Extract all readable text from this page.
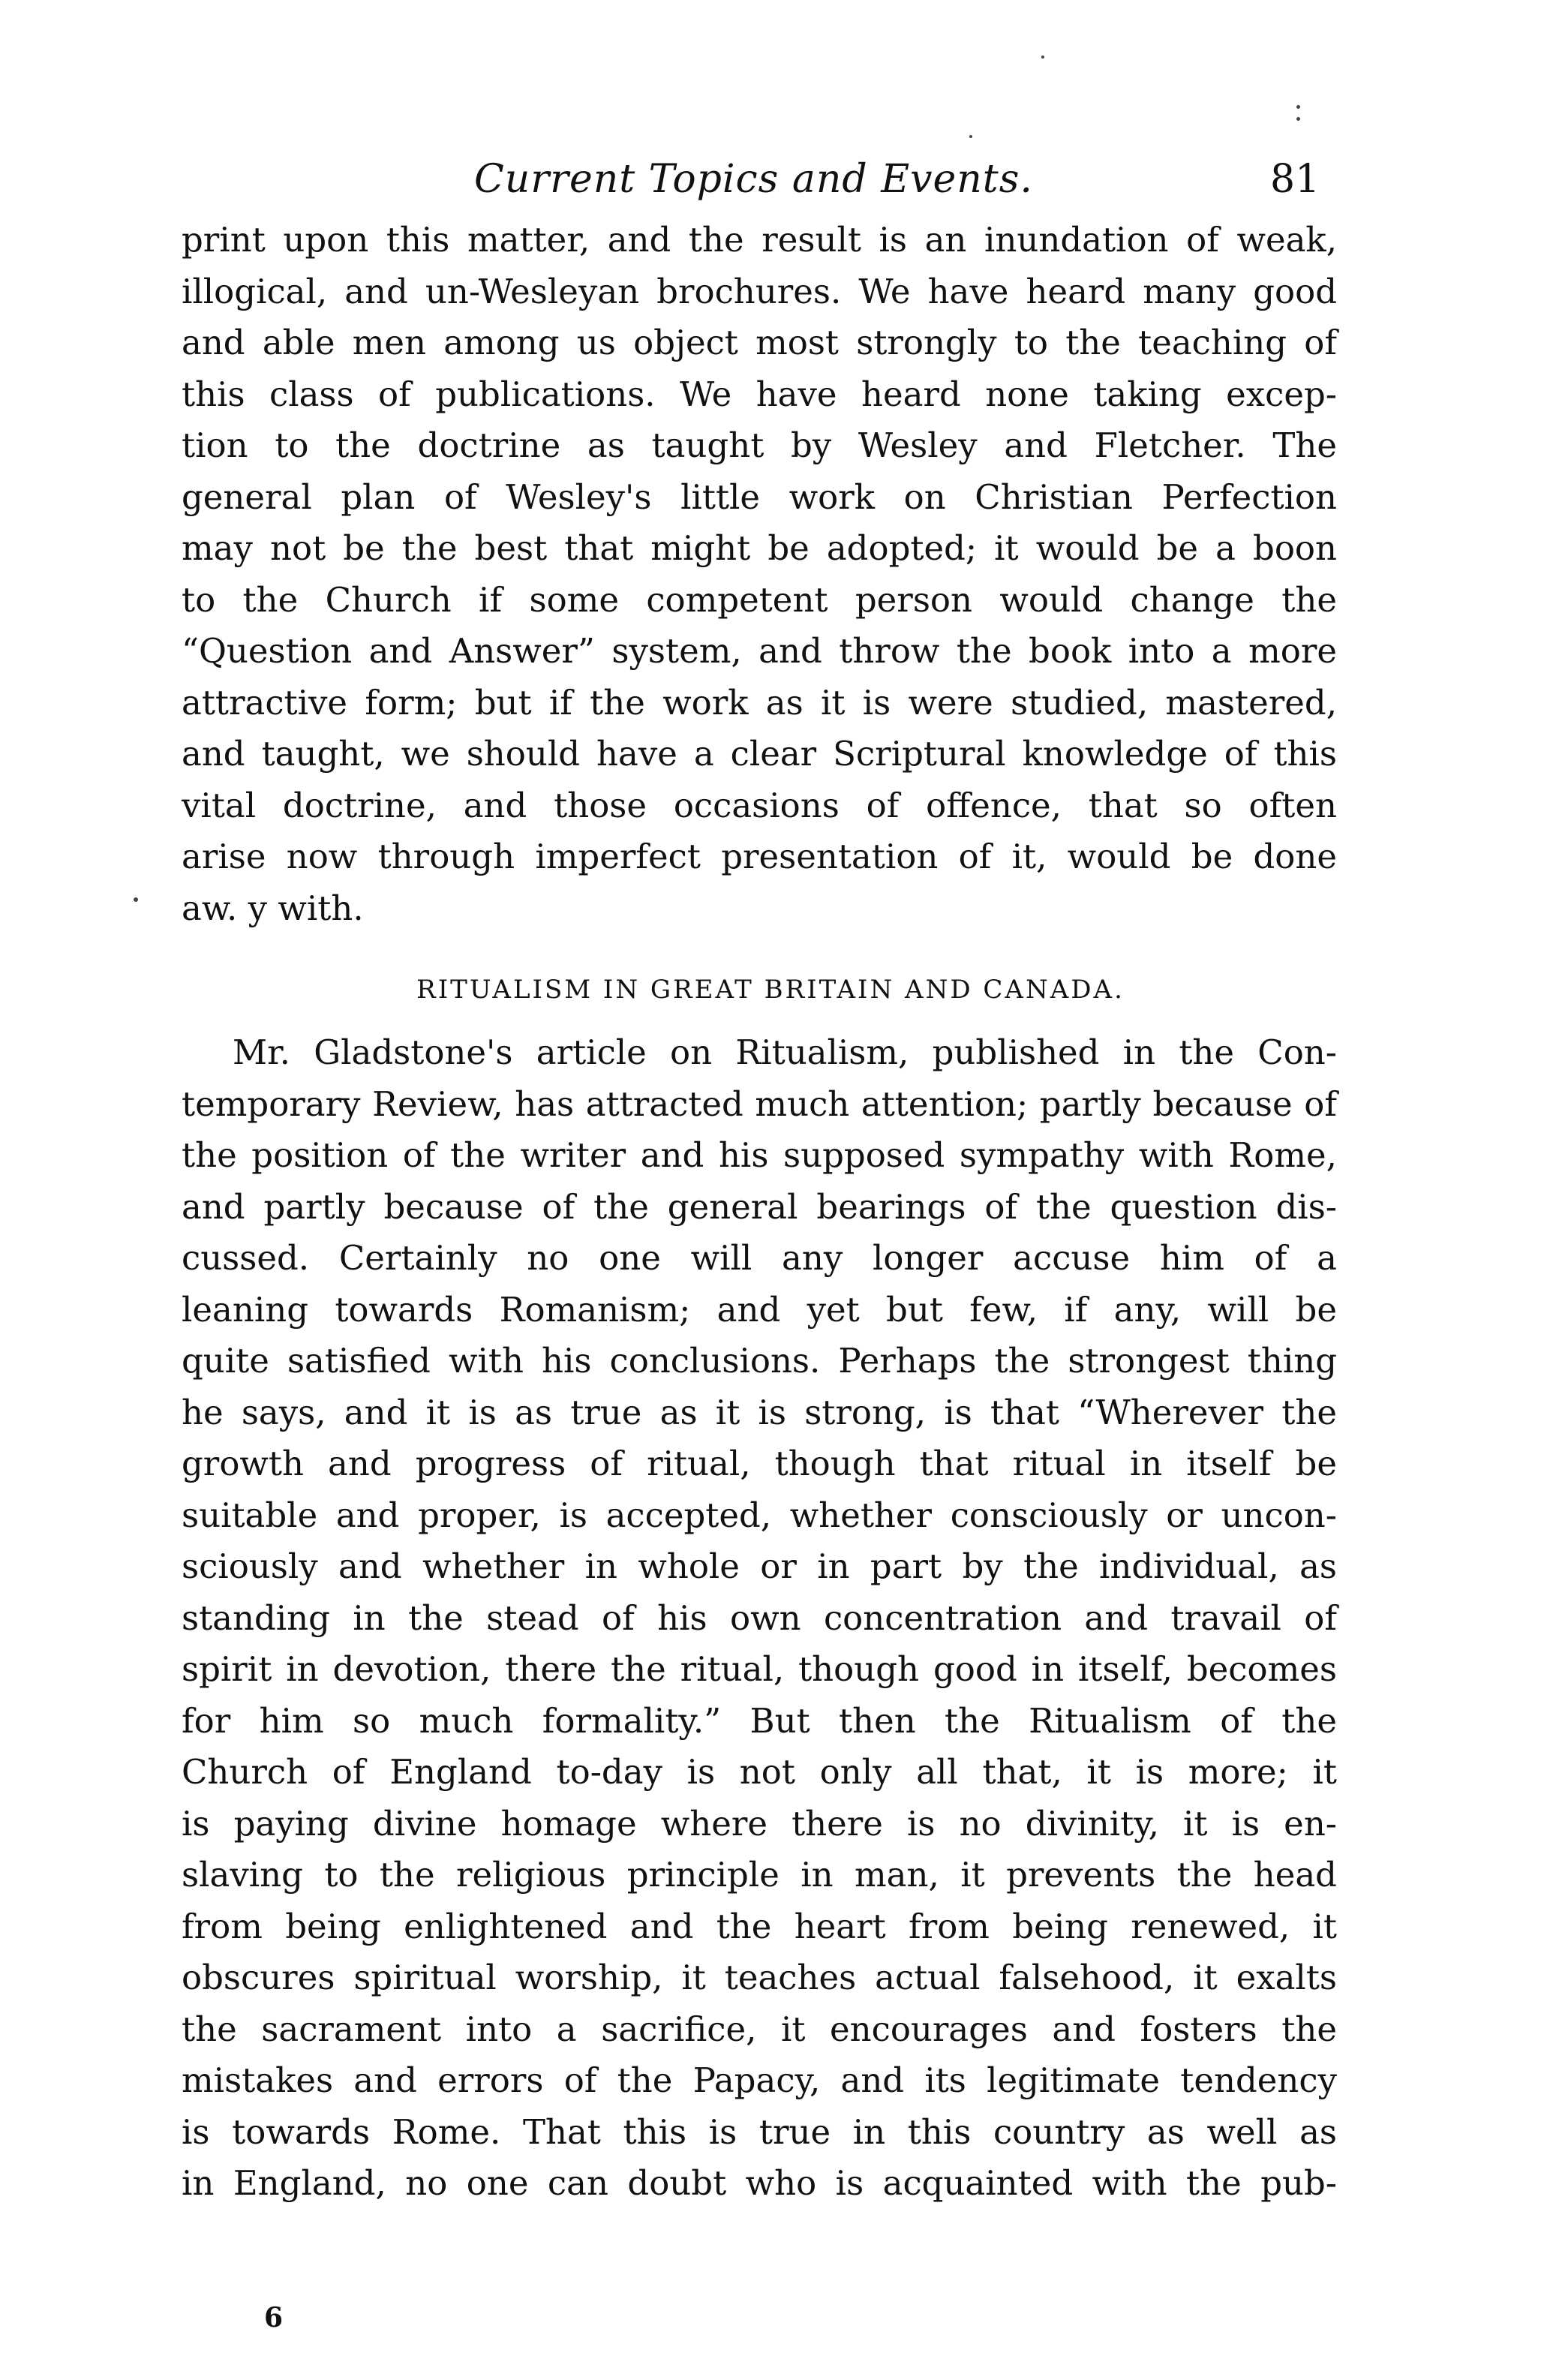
Current Topics and Events.	81
print upon this matter, and the result is an inundation of weak,
illogical, and un-Wesleyan brochures. We have heard many good
and able men among us object most strongly to the teaching of
this class of publications. We have heard none taking excep-
tion to the doctrine as taught by Wesley and Fletcher. The
general plan of Wesley's little work on Christian Perfection
may not be the best that might be adopted; it would be a boon
to the Church if some competent person would change the
“Question and Answer” system, and throw the book into a more
attractive form; but if the work as it is were studied, mastered,
and taught, we should have a clear Scriptural knowledge of this
vital doctrine, and those occasions of offence, that so often
arise now through imperfect presentation of it, would be done
aw. y with.
RITUALISM IN GREAT BRITAIN AND CANADA.
Mr. Gladstone's article on Ritualism, published in the Con-
temporary Review, has attracted much attention; partly because of
the position of the writer and his supposed sympathy with Rome,
and partly because of the general bearings of the question dis-
cussed. Certainly no one will any longer accuse him of a
leaning towards Romanism; and yet but few, if any, will be
quite satisfied with his conclusions. Perhaps the strongest thing
he says, and it is as true as it is strong, is that “Wherever the
growth and progress of ritual, though that ritual in itself be
suitable and proper, is accepted, whether consciously or uncon-
sciously and whether in whole or in part by the individual, as
standing in the stead of his own concentration and travail of
spirit in devotion, there the ritual, though good in itself, becomes
for him so much formality.” But then the Ritualism of the
Church of England to-day is not only all that, it is more; it
is paying divine homage where there is no divinity, it is en-
slaving to the religious principle in man, it prevents the head
from being enlightened and the heart from being renewed, it
obscures spiritual worship, it teaches actual falsehood, it exalts
the sacrament into a sacrifice, it encourages and fosters the
mistakes and errors of the Papacy, and its legitimate tendency
is towards Rome. That this is true in this country as well as
in England, no one can doubt who is acquainted with the pub-
6
